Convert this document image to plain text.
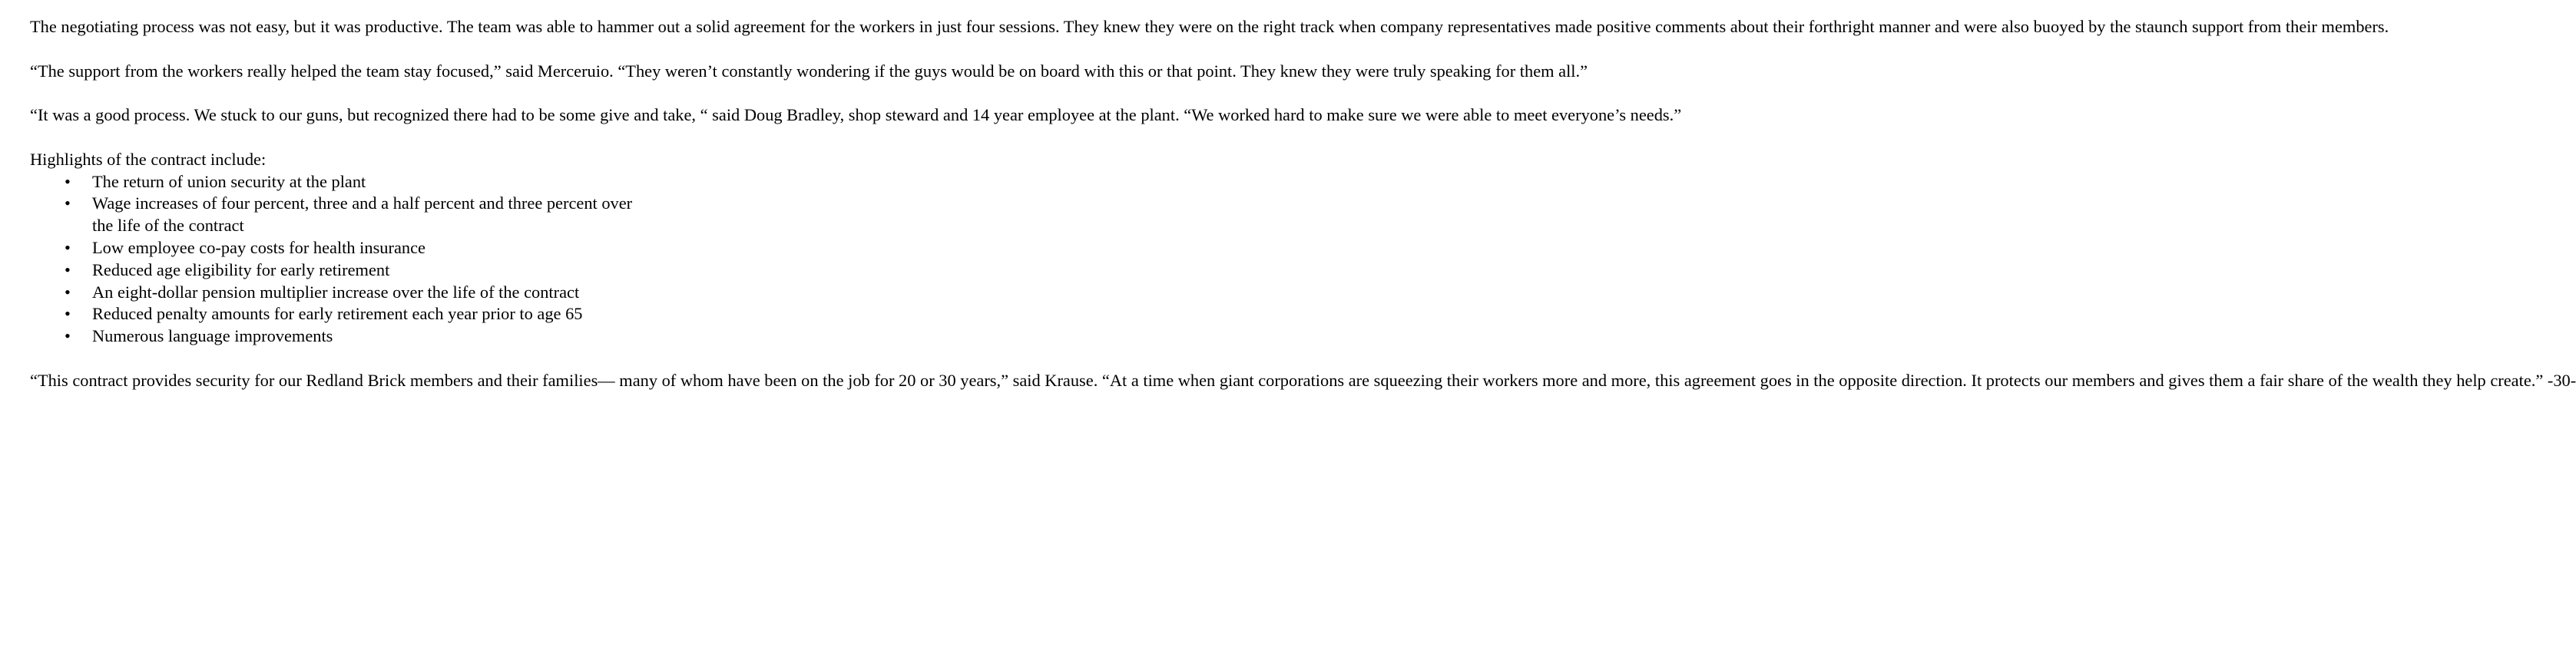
The negotiating process was not easy, but it was productive. The team was able to hammer out a solid agreement for the workers in just four sessions. They knew they were on the right track when company representatives made positive comments about their forthright manner and were also buoyed by the staunch support from their members.

“The support from the workers really helped the team stay focused,” said Merceruio. “They weren’t constantly wondering if the guys would be on board with this or that point. They knew they were truly speaking for them all.”

“It was a good process. We stuck to our guns, but recognized there had to be some give and take, “ said Doug Bradley, shop steward and 14 year employee at the plant. “We worked hard to make sure we were able to meet everyone’s needs.”

Highlights of the contract include:
• The return of union security at the plant
• Wage increases of four percent, three and a half percent and three percent over
the life of the contract
• Low employee co-pay costs for health insurance
• Reduced age eligibility for early retirement
• An eight-dollar pension multiplier increase over the life of the contract
• Reduced penalty amounts for early retirement each year prior to age 65
• Numerous language improvements

“This contract provides security for our Redland Brick members and their families— many of whom have been on the job for 20 or 30 years,” said Krause. “At a time when giant corporations are squeezing their workers more and more, this agreement goes in the opposite direction. It protects our members and gives them a fair share of the wealth they help create.” -30-
